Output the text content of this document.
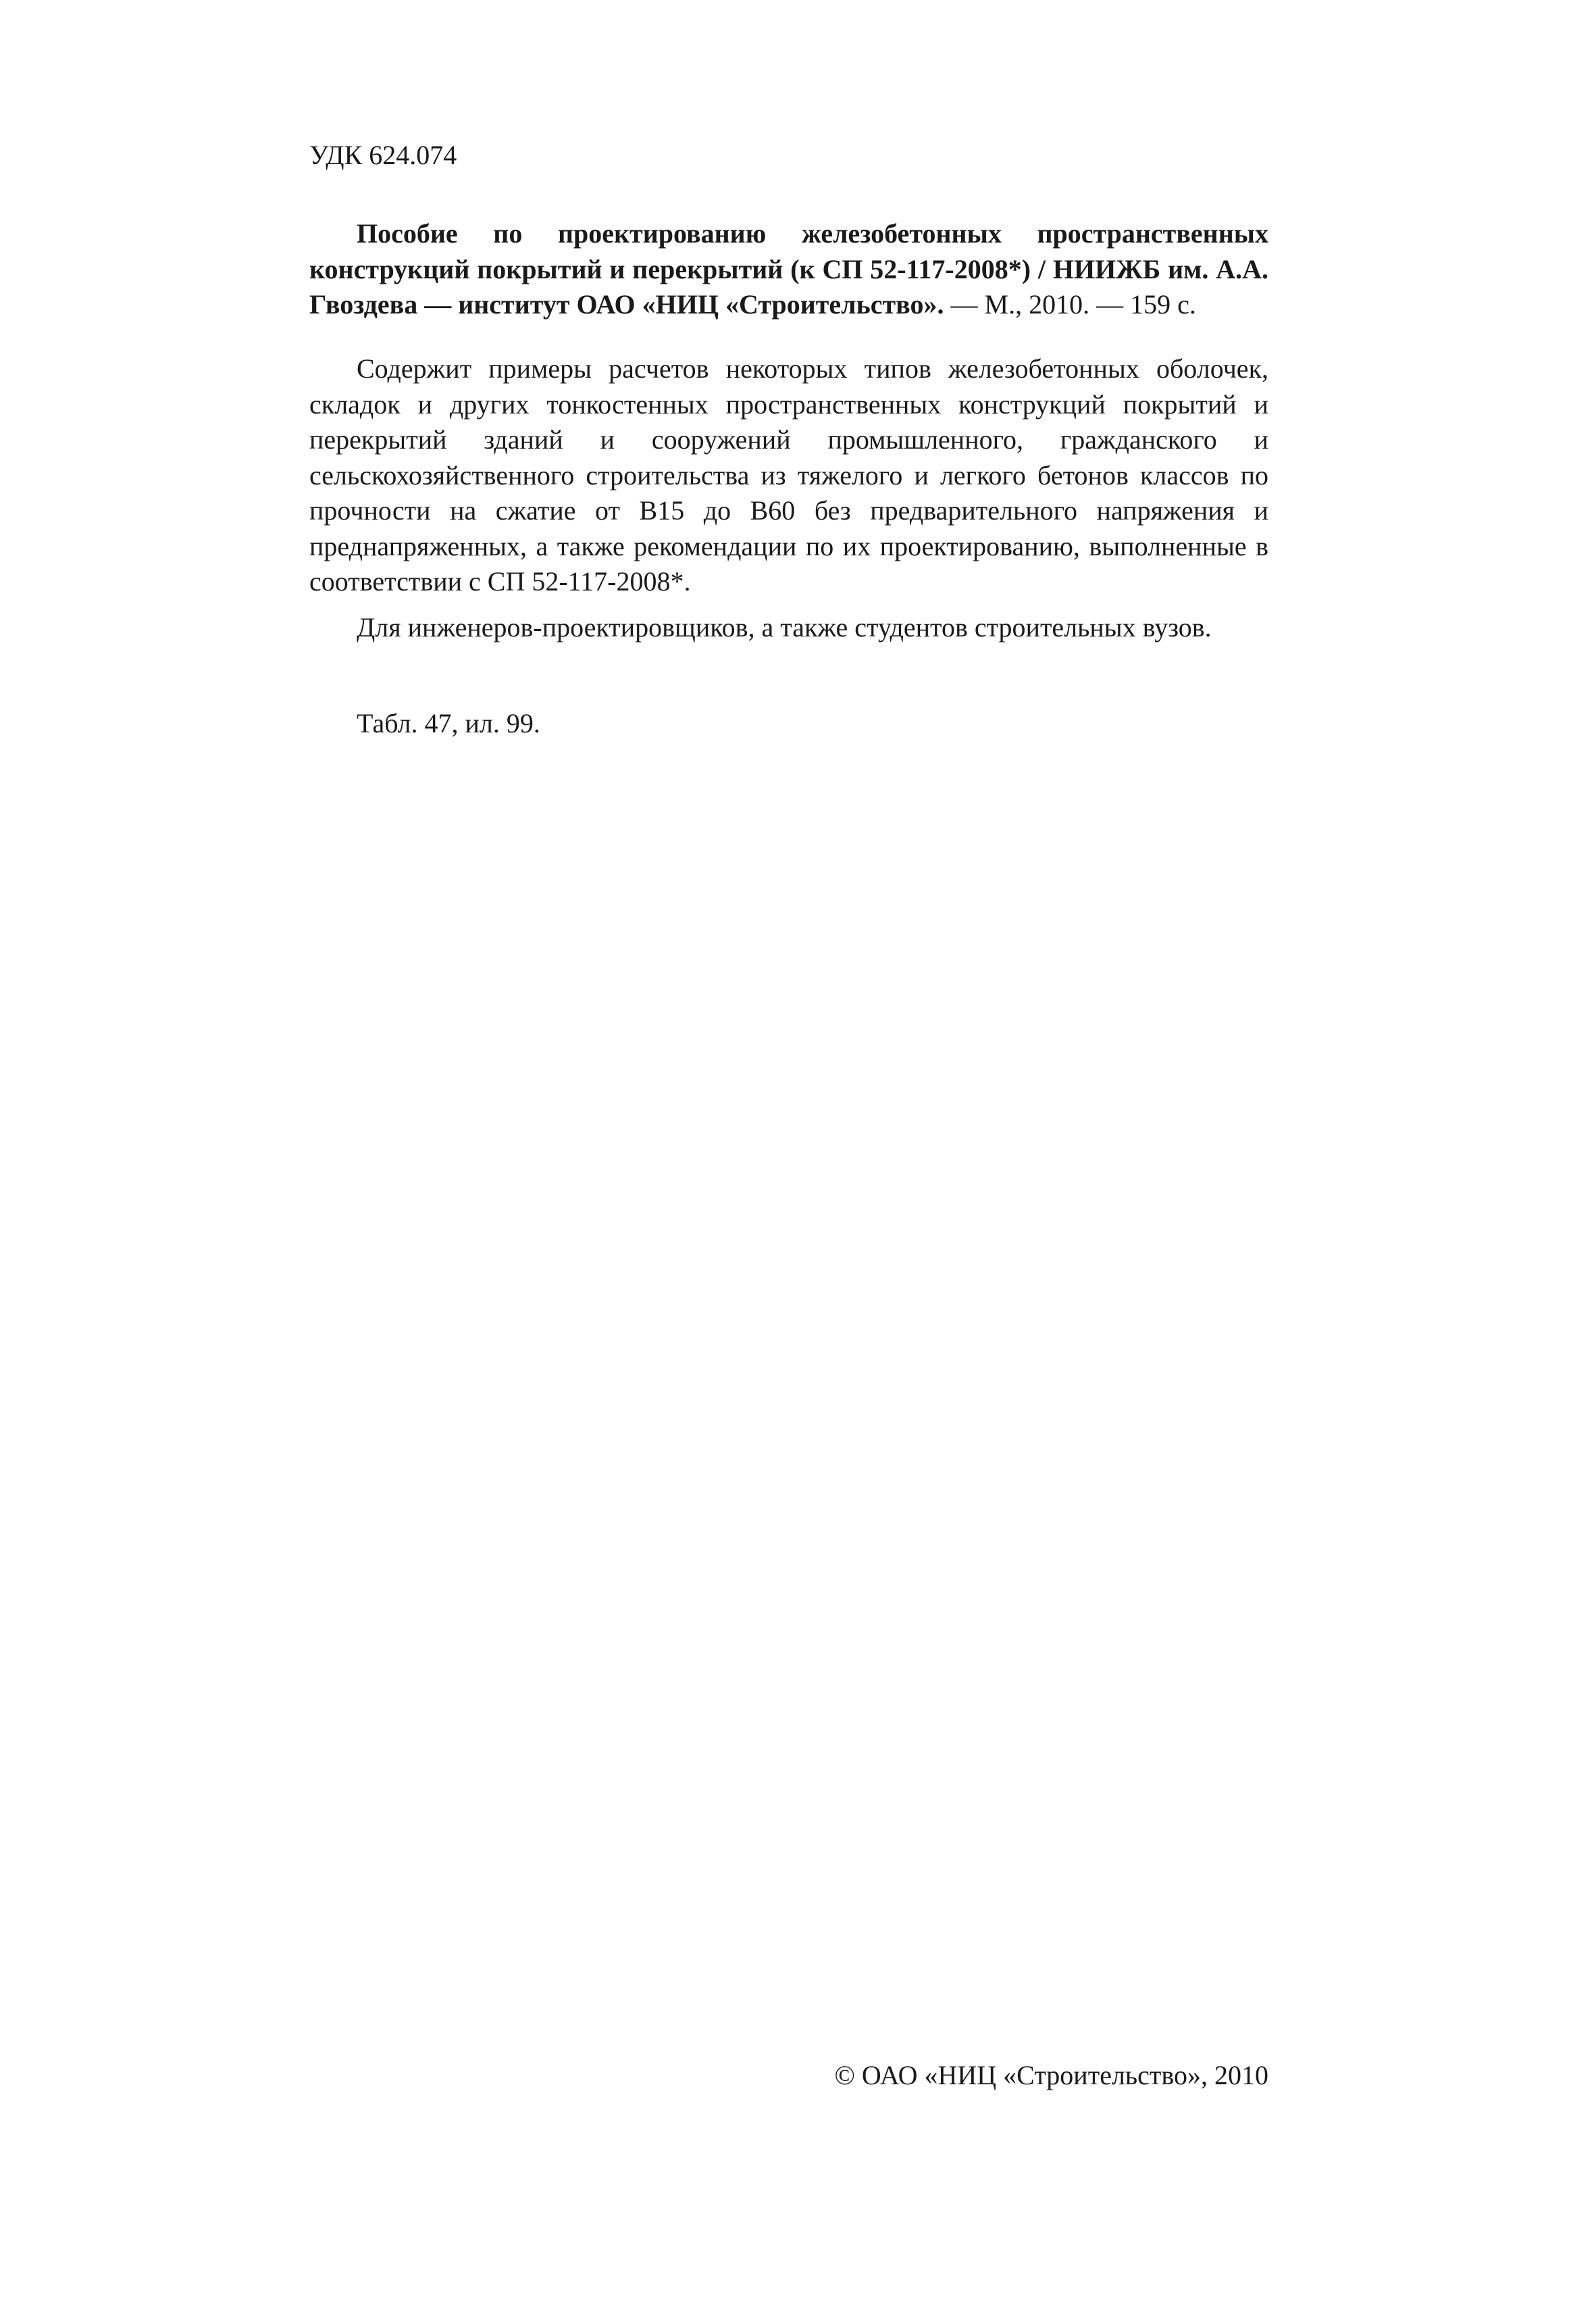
УДК 624.074
Пособие по проектированию железобетонных пространственных конструкций покрытий и перекрытий (к СП 52-117-2008*) / НИИЖБ им. А.А. Гвоздева — институт ОАО «НИЦ «Строительство». — М., 2010. — 159 с.
Содержит примеры расчетов некоторых типов железобетонных оболочек, складок и других тонкостенных пространственных конструкций покрытий и перекрытий зданий и сооружений промышленного, гражданского и сельскохозяйственного строительства из тяжелого и легкого бетонов классов по прочности на сжатие от В15 до В60 без предварительного напряжения и преднапряженных, а также рекомендации по их проектированию, выполненные в соответствии с СП 52-117-2008*.
Для инженеров-проектировщиков, а также студентов строительных вузов.
Табл. 47, ил. 99.
© ОАО «НИЦ «Строительство», 2010
